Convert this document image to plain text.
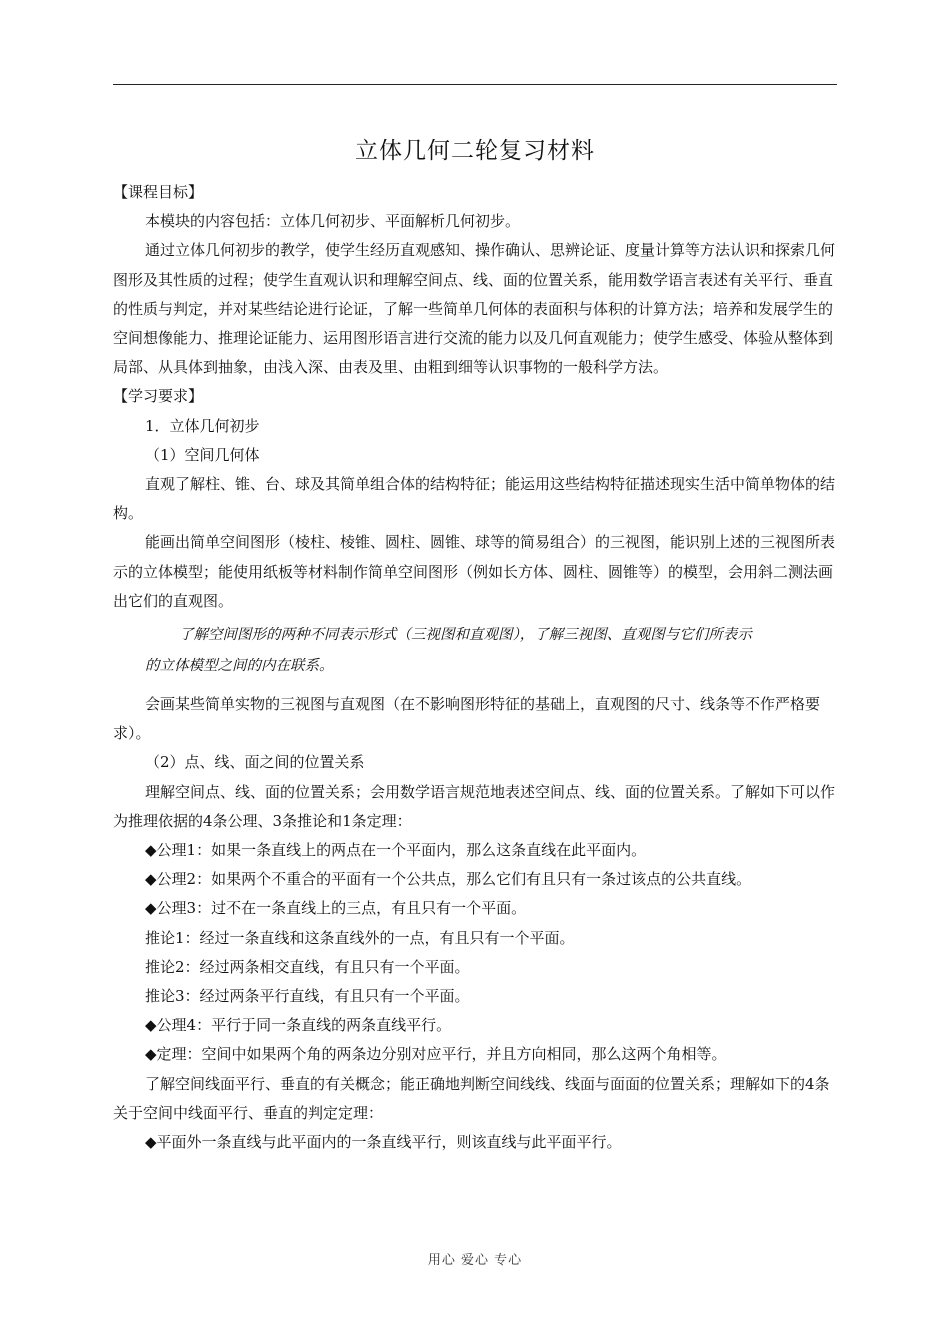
立体几何二轮复习材料

【课程目标】

本模块的内容包括：立体几何初步、平面解析几何初步。

通过立体几何初步的教学，使学生经历直观感知、操作确认、思辨论证、度量计算等方法认识和探索几何图形及其性质的过程；使学生直观认识和理解空间点、线、面的位置关系，能用数学语言表述有关平行、垂直的性质与判定，并对某些结论进行论证，了解一些简单几何体的表面积与体积的计算方法；培养和发展学生的空间想像能力、推理论证能力、运用图形语言进行交流的能力以及几何直观能力；使学生感受、体验从整体到局部、从具体到抽象，由浅入深、由表及里、由粗到细等认识事物的一般科学方法。

【学习要求】

1．立体几何初步

（1）空间几何体

直观了解柱、锥、台、球及其简单组合体的结构特征；能运用这些结构特征描述现实生活中简单物体的结构。

能画出简单空间图形（棱柱、棱锥、圆柱、圆锥、球等的简易组合）的三视图，能识别上述的三视图所表示的立体模型；能使用纸板等材料制作简单空间图形（例如长方体、圆柱、圆锥等）的模型，会用斜二测法画出它们的直观图。

了解空间图形的两种不同表示形式（三视图和直观图），了解三视图、直观图与它们所表示

的立体模型之间的内在联系。

会画某些简单实物的三视图与直观图（在不影响图形特征的基础上，直观图的尺寸、线条等不作严格要求）。

（2）点、线、面之间的位置关系

理解空间点、线、面的位置关系；会用数学语言规范地表述空间点、线、面的位置关系。了解如下可以作为推理依据的4条公理、3条推论和1条定理：

◆公理1：如果一条直线上的两点在一个平面内，那么这条直线在此平面内。

◆公理2：如果两个不重合的平面有一个公共点，那么它们有且只有一条过该点的公共直线。

◆公理3：过不在一条直线上的三点，有且只有一个平面。

推论1：经过一条直线和这条直线外的一点，有且只有一个平面。

推论2：经过两条相交直线，有且只有一个平面。

推论3：经过两条平行直线，有且只有一个平面。

◆公理4：平行于同一条直线的两条直线平行。

◆定理：空间中如果两个角的两条边分别对应平行，并且方向相同，那么这两个角相等。

了解空间线面平行、垂直的有关概念；能正确地判断空间线线、线面与面面的位置关系；理解如下的4条关于空间中线面平行、垂直的判定定理：

◆平面外一条直线与此平面内的一条直线平行，则该直线与此平面平行。

用心 爱心 专心
